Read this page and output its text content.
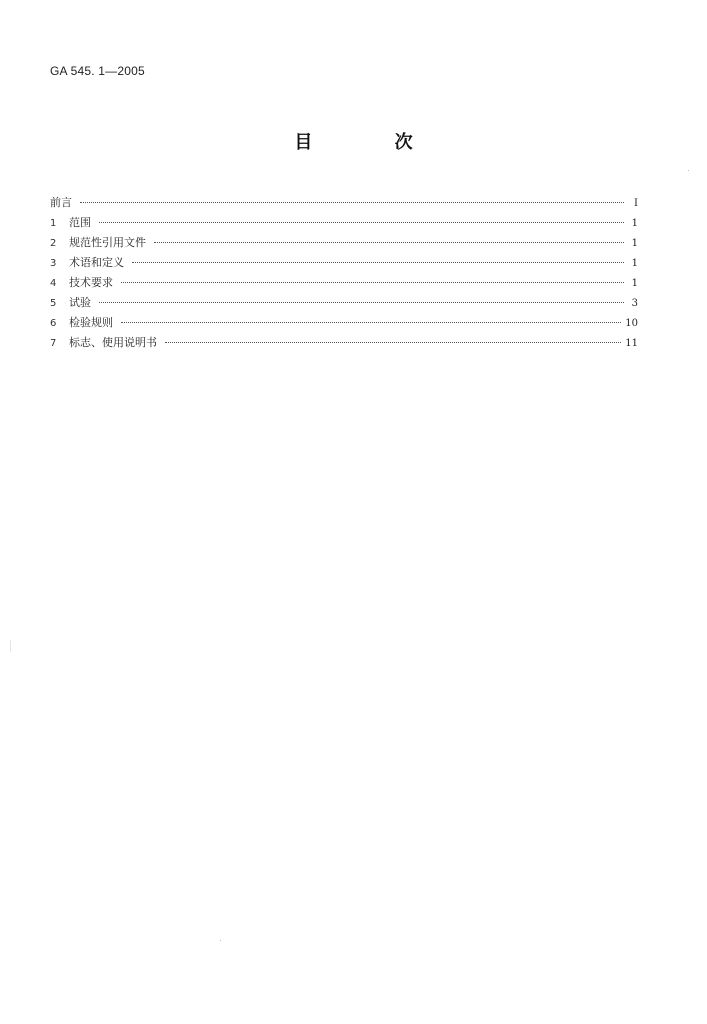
GA 545. 1—2005
目 次
前言	I
1	范围	1
2	规范性引用文件	1
3	术语和定义	1
4	技术要求	1
5	试验	3
6	检验规则	10
7	标志、使用说明书	11
